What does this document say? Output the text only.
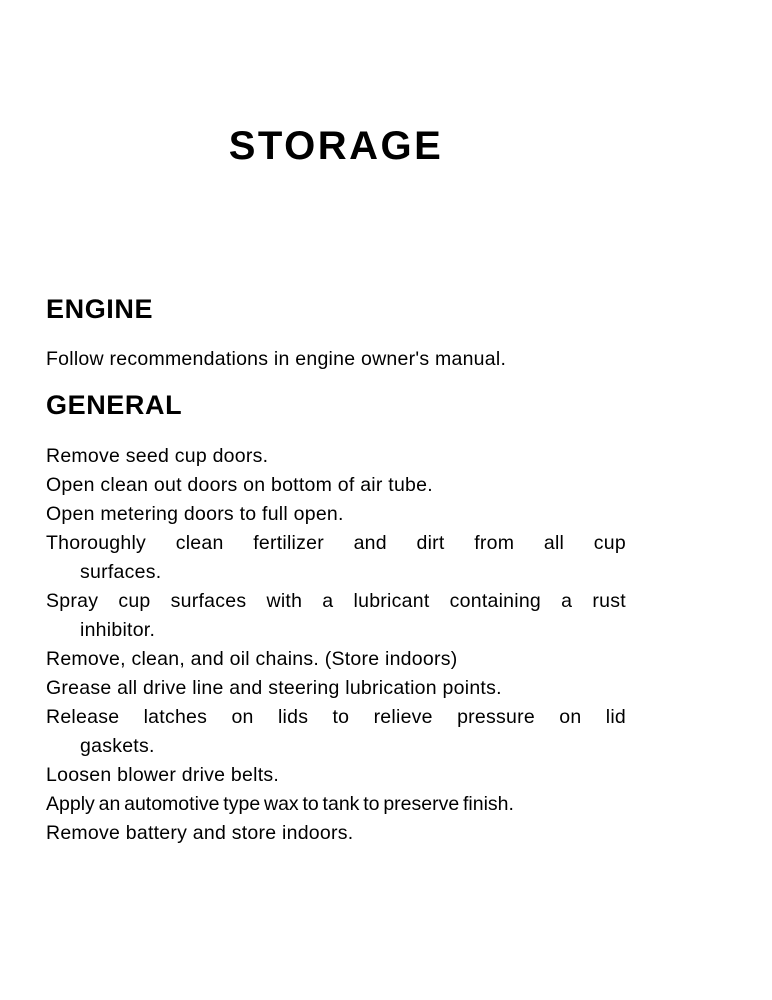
STORAGE
ENGINE
Follow recommendations in engine owner's manual.
GENERAL
Remove seed cup doors.
Open clean out doors on bottom of air tube.
Open metering doors to full open.
Thoroughly clean fertilizer and dirt from all cup
surfaces.
Spray cup surfaces with a lubricant containing a rust
inhibitor.
Remove, clean, and oil chains. (Store indoors)
Grease all drive line and steering lubrication points.
Release latches on lids to relieve pressure on lid
gaskets.
Loosen blower drive belts.
Apply an automotive type wax to tank to preserve finish.
Remove battery and store indoors.
